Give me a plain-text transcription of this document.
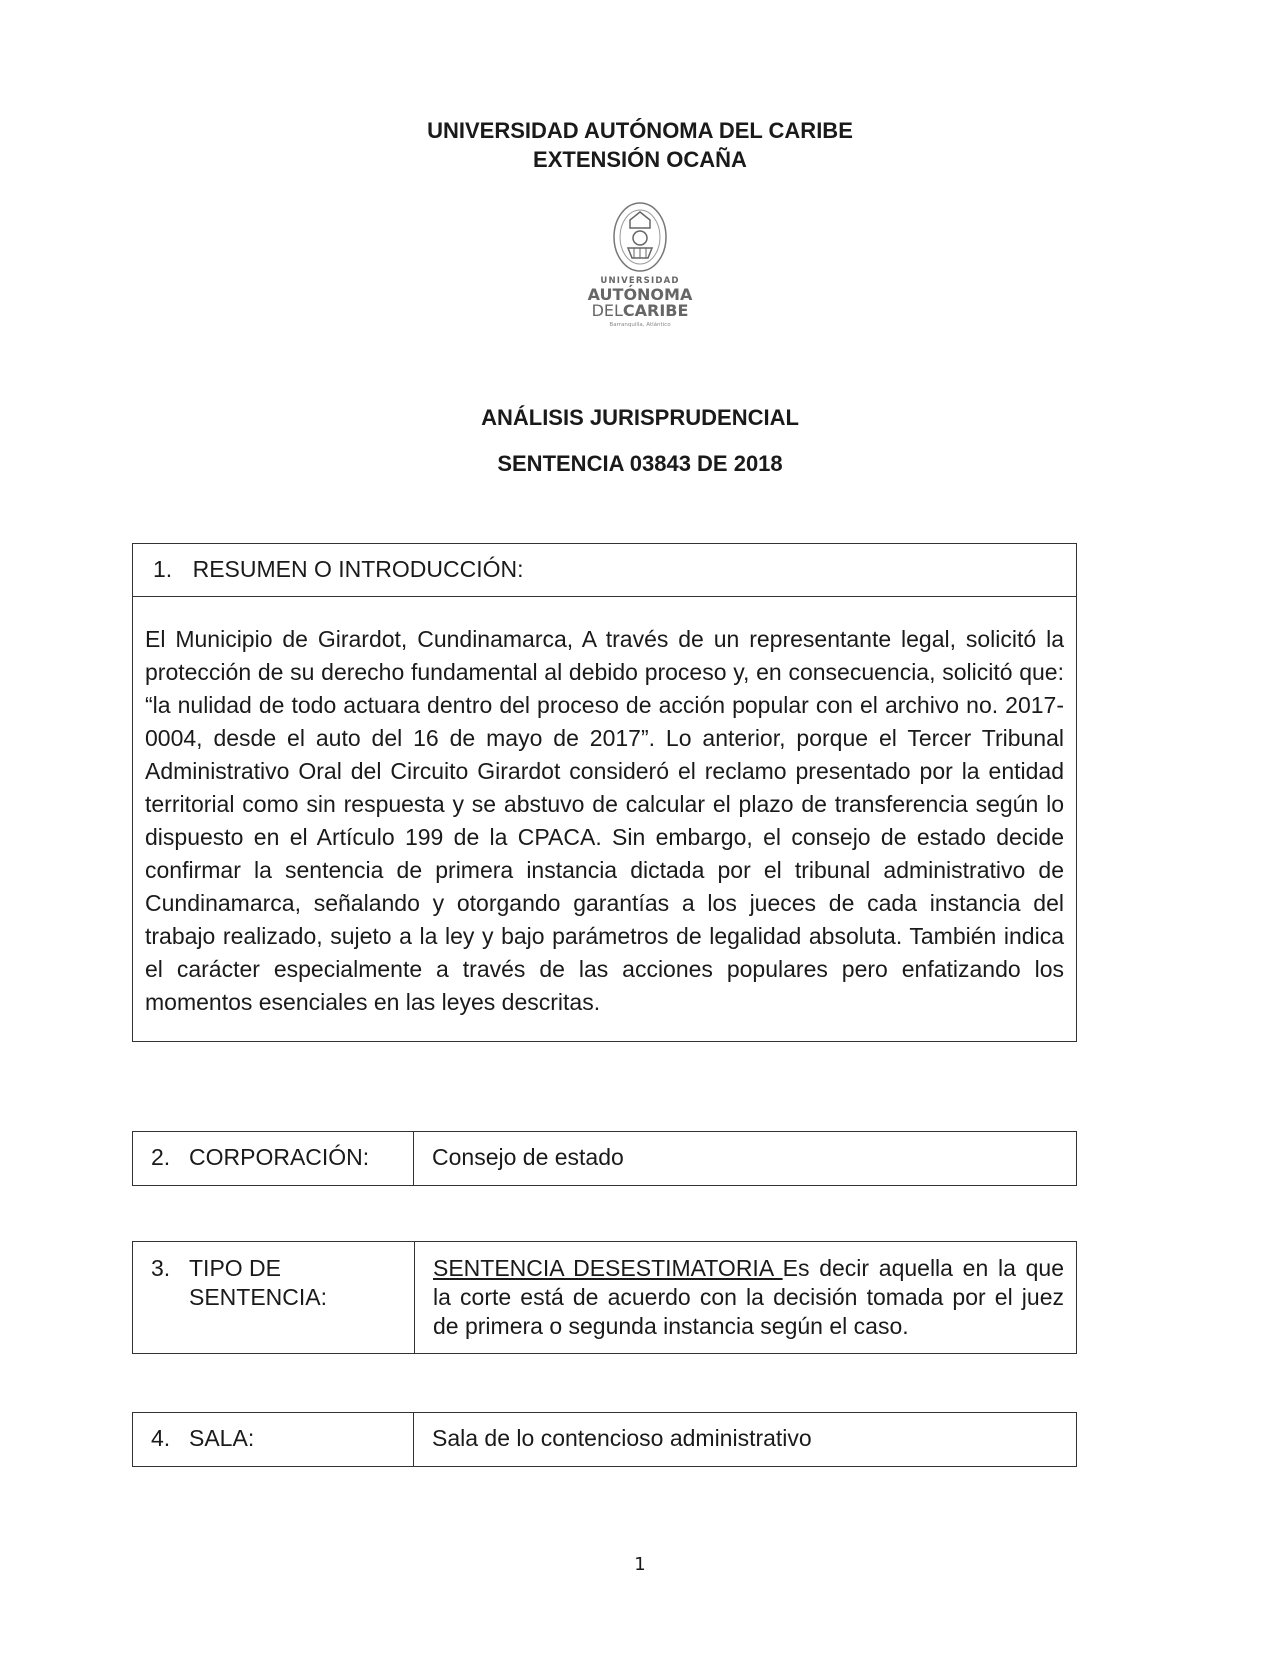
UNIVERSIDAD AUTÓNOMA DEL CARIBE
EXTENSIÓN OCAÑA
UNIVERSIDAD
AUTÓNOMA
DELCARIBE
Barranquilla, Atlántico
ANÁLISIS JURISPRUDENCIAL
SENTENCIA 03843 DE 2018
1. RESUMEN O INTRODUCCIÓN:
El Municipio de Girardot, Cundinamarca, A través de un representante legal, solicitó la protección de su derecho fundamental al debido proceso y, en consecuencia, solicitó que: “la nulidad de todo actuara dentro del proceso de acción popular con el archivo no. 2017-0004, desde el auto del 16 de mayo de 2017”. Lo anterior, porque el Tercer Tribunal Administrativo Oral del Circuito Girardot consideró el reclamo presentado por la entidad territorial como sin respuesta y se abstuvo de calcular el plazo de transferencia según lo dispuesto en el Artículo 199 de la CPACA. Sin embargo, el consejo de estado decide confirmar la sentencia de primera instancia dictada por el tribunal administrativo de Cundinamarca, señalando y otorgando garantías a los jueces de cada instancia del trabajo realizado, sujeto a la ley y bajo parámetros de legalidad absoluta. También indica el carácter especialmente a través de las acciones populares pero enfatizando los momentos esenciales en las leyes descritas.
2. CORPORACIÓN:	Consejo de estado
3. TIPO DE SENTENCIA:
	SENTENCIA DESESTIMATORIA Es decir aquella en la que la corte está de acuerdo con la decisión tomada por el juez de primera o segunda instancia según el caso.
4. SALA:	Sala de lo contencioso administrativo
1
